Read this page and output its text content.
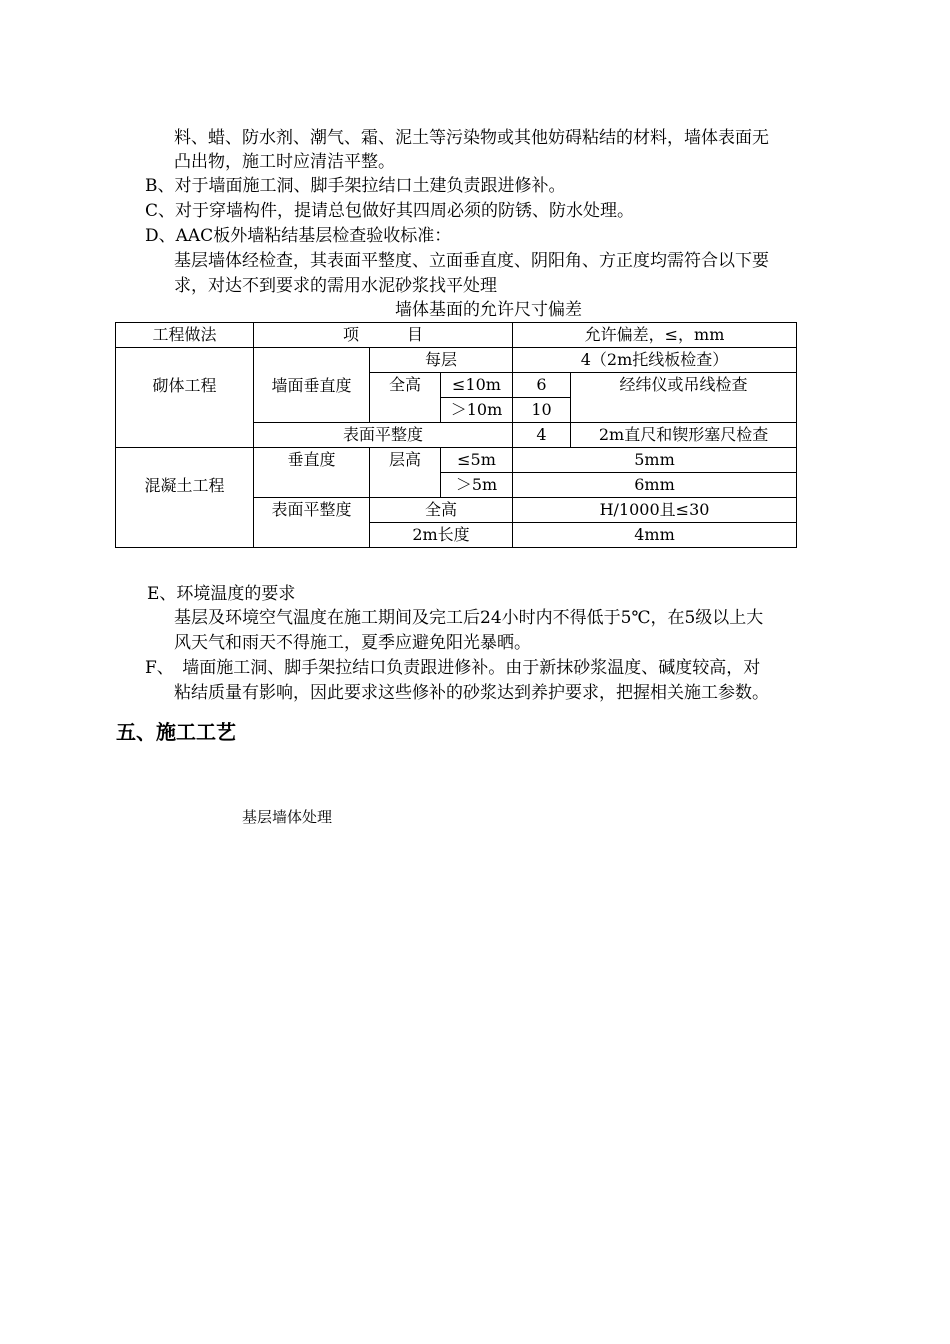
料、蜡、防水剂、潮气、霜、泥土等污染物或其他妨碍粘结的材料，墙体表面无
凸出物，施工时应清洁平整。
B、对于墙面施工洞、脚手架拉结口土建负责跟进修补。
C、对于穿墙构件，提请总包做好其四周必须的防锈、防水处理。
D、AAC板外墙粘结基层检查验收标准：
基层墙体经检查，其表面平整度、立面垂直度、阴阳角、方正度均需符合以下要
求，对达不到要求的需用水泥砂浆找平处理
墙体基面的允许尺寸偏差
工程做法	项　　　目			允许偏差，≤，mm	
砌体工程	墙面垂直度	每层		4（2m托线板检查）	
		全高	≤10m	6	经纬仪或吊线检查
			＞10m	10	
	表面平整度			4	2m直尺和锲形塞尺检查
混凝土工程	垂直度	层高	≤5m	5mm	
			＞5m	6mm	
	表面平整度	全高		H/1000且≤30	
		2m长度		4mm	
E、环境温度的要求
基层及环境空气温度在施工期间及完工后24小时内不得低于5℃，在5级以上大
风天气和雨天不得施工，夏季应避免阳光暴晒。
F、　墙面施工洞、脚手架拉结口负责跟进修补。由于新抹砂浆温度、碱度较高，对
粘结质量有影响，因此要求这些修补的砂浆达到养护要求，把握相关施工参数。
五、施工工艺
基层墙体处理
